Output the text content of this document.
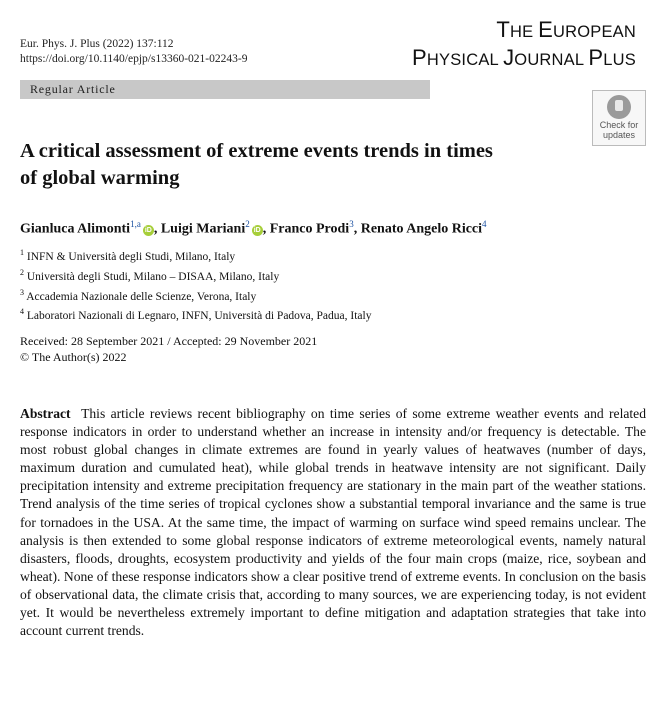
Eur. Phys. J. Plus (2022) 137:112
https://doi.org/10.1140/epjp/s13360-021-02243-9
THE EUROPEAN
PHYSICAL JOURNAL PLUS
Regular Article
Check for
updates
A critical assessment of extreme events trends in times
of global warming
Gianluca Alimonti$^{1,a}$iD , Luigi Mariani$^2$iD , Franco Prodi$^3$, Renato Angelo Ricci$^4$
$^1$ INFN & Università degli Studi, Milano, Italy
$^2$ Università degli Studi, Milano – DISAA, Milano, Italy
$^3$ Accademia Nazionale delle Scienze, Verona, Italy
$^4$ Laboratori Nazionali di Legnaro, INFN, Università di Padova, Padua, Italy
Received: 28 September 2021 / Accepted: 29 November 2021
© The Author(s) 2022
Abstract This article reviews recent bibliography on time series of some extreme weather events and related response indicators in order to understand whether an increase in intensity and/or frequency is detectable. The most robust global changes in climate extremes are found in yearly values of heatwaves (number of days, maximum duration and cumulated heat), while global trends in heatwave intensity are not significant. Daily precipitation intensity and extreme precipitation frequency are stationary in the main part of the weather stations. Trend analysis of the time series of tropical cyclones show a substantial temporal invariance and the same is true for tornadoes in the USA. At the same time, the impact of warming on surface wind speed remains unclear. The analysis is then extended to some global response indicators of extreme meteorological events, namely natural disasters, floods, droughts, ecosystem productivity and yields of the four main crops (maize, rice, soybean and wheat). None of these response indicators show a clear positive trend of extreme events. In conclusion on the basis of observational data, the climate crisis that, according to many sources, we are experiencing today, is not evident yet. It would be nevertheless extremely important to define mitigation and adaptation strategies that take into account current trends.
